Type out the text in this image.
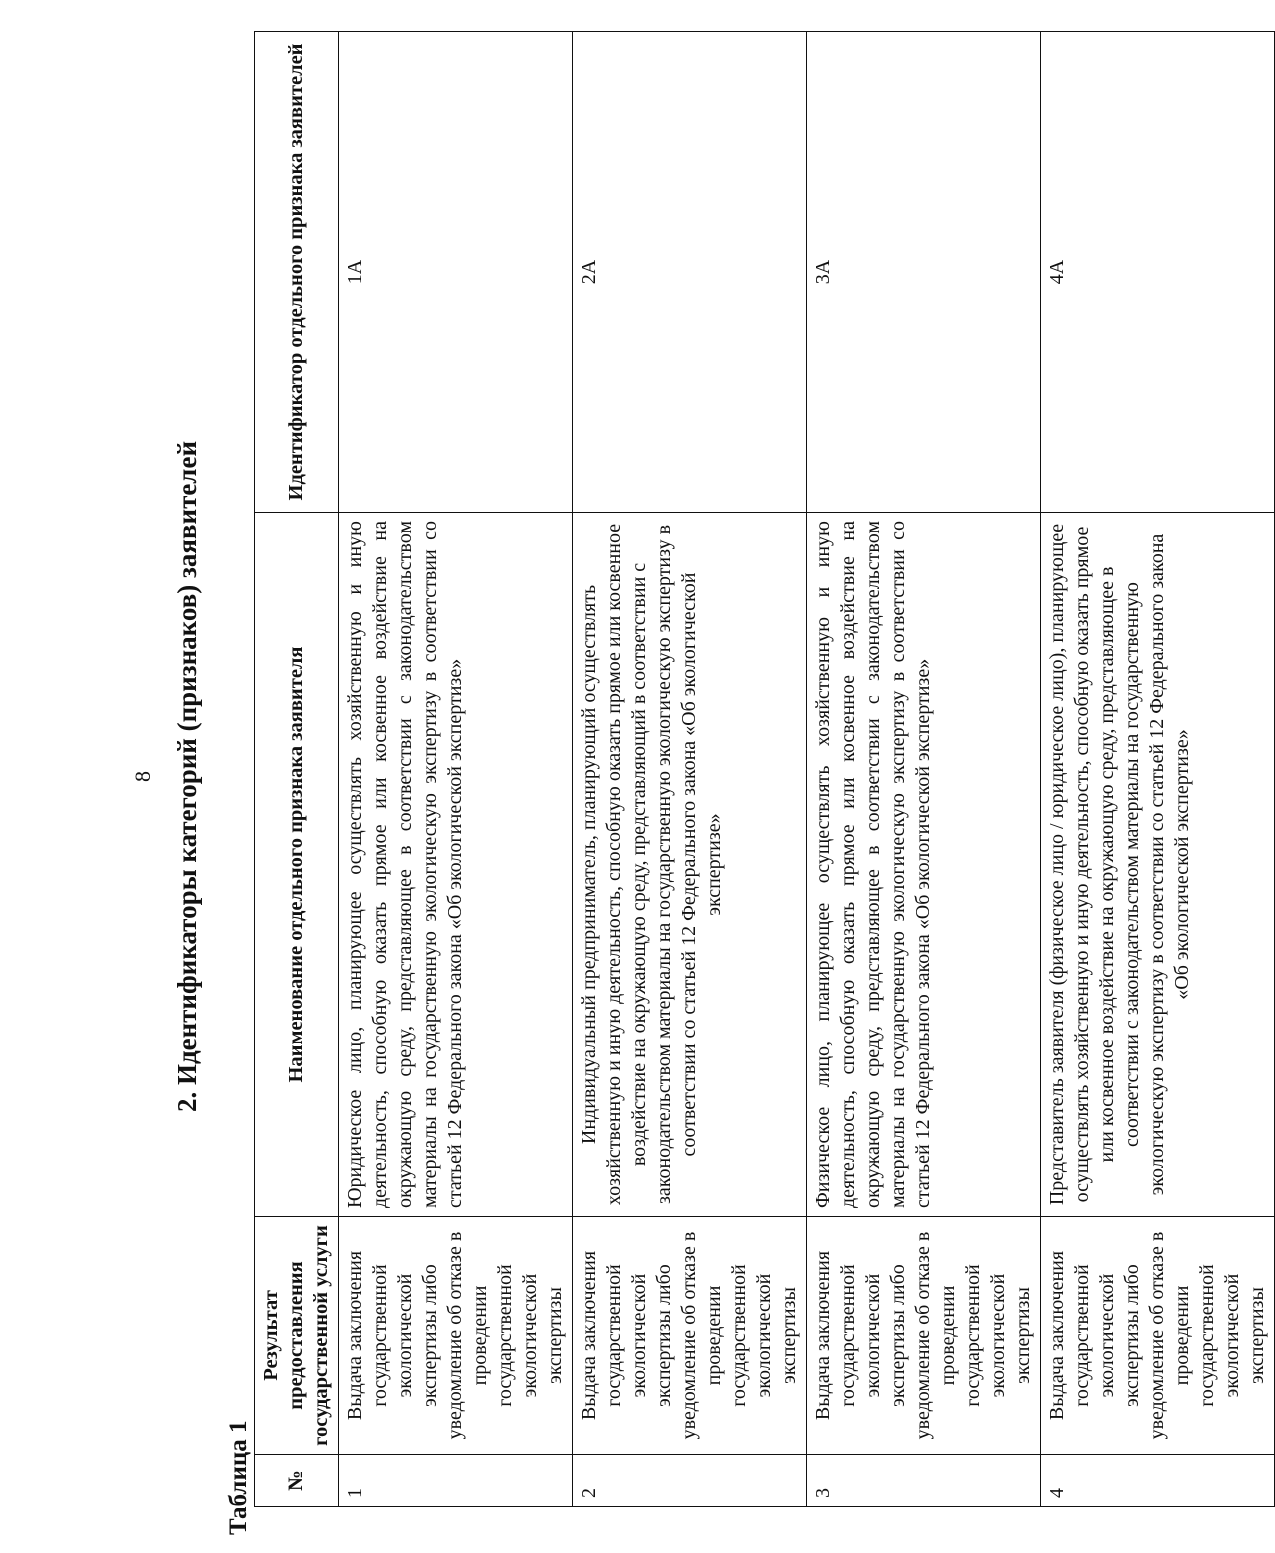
8 2. Идентификаторы категорий (признаков) заявителей
Таблица 1 №	Результат предоставления государственной услуги	Наименование отдельного признака заявителя	Идентификатор отдельного признака заявителей
1	Выдача заключения государственной экологической экспертизы либо уведомление об отказе в проведении государственной экологической экспертизы	Юридическое лицо, планирующее осуществлять хозяйственную и иную деятельность, способную оказать прямое или косвенное воздействие на окружающую среду, представляющее в соответствии с законодательством материалы на государственную экологическую экспертизу в соответствии со статьей 12 Федерального закона «Об экологической экспертизе»	1А
2	Выдача заключения государственной экологической экспертизы либо уведомление об отказе в проведении государственной экологической экспертизы	Индивидуальный предприниматель, планирующий осуществлять хозяйственную и иную деятельность, способную оказать прямое или косвенное воздействие на окружающую среду, представляющий в соответствии с законодательством материалы на государственную экологическую экспертизу в соответствии со статьей 12 Федерального закона «Об экологической экспертизе»	2А
3	Выдача заключения государственной экологической экспертизы либо уведомление об отказе в проведении государственной экологической экспертизы	Физическое лицо, планирующее осуществлять хозяйственную и иную деятельность, способную оказать прямое или косвенное воздействие на окружающую среду, представляющее в соответствии с законодательством материалы на государственную экологическую экспертизу в соответствии со статьей 12 Федерального закона «Об экологической экспертизе»	3А
4	Выдача заключения государственной экологической экспертизы либо уведомление об отказе в проведении государственной экологической экспертизы	Представитель заявителя (физическое лицо / юридическое лицо), планирующее осуществлять хозяйственную и иную деятельность, способную оказать прямое или косвенное воздействие на окружающую среду, представляющее в соответствии с законодательством материалы на государственную экологическую экспертизу в соответствии со статьей 12 Федерального закона «Об экологической экспертизе»	4А
